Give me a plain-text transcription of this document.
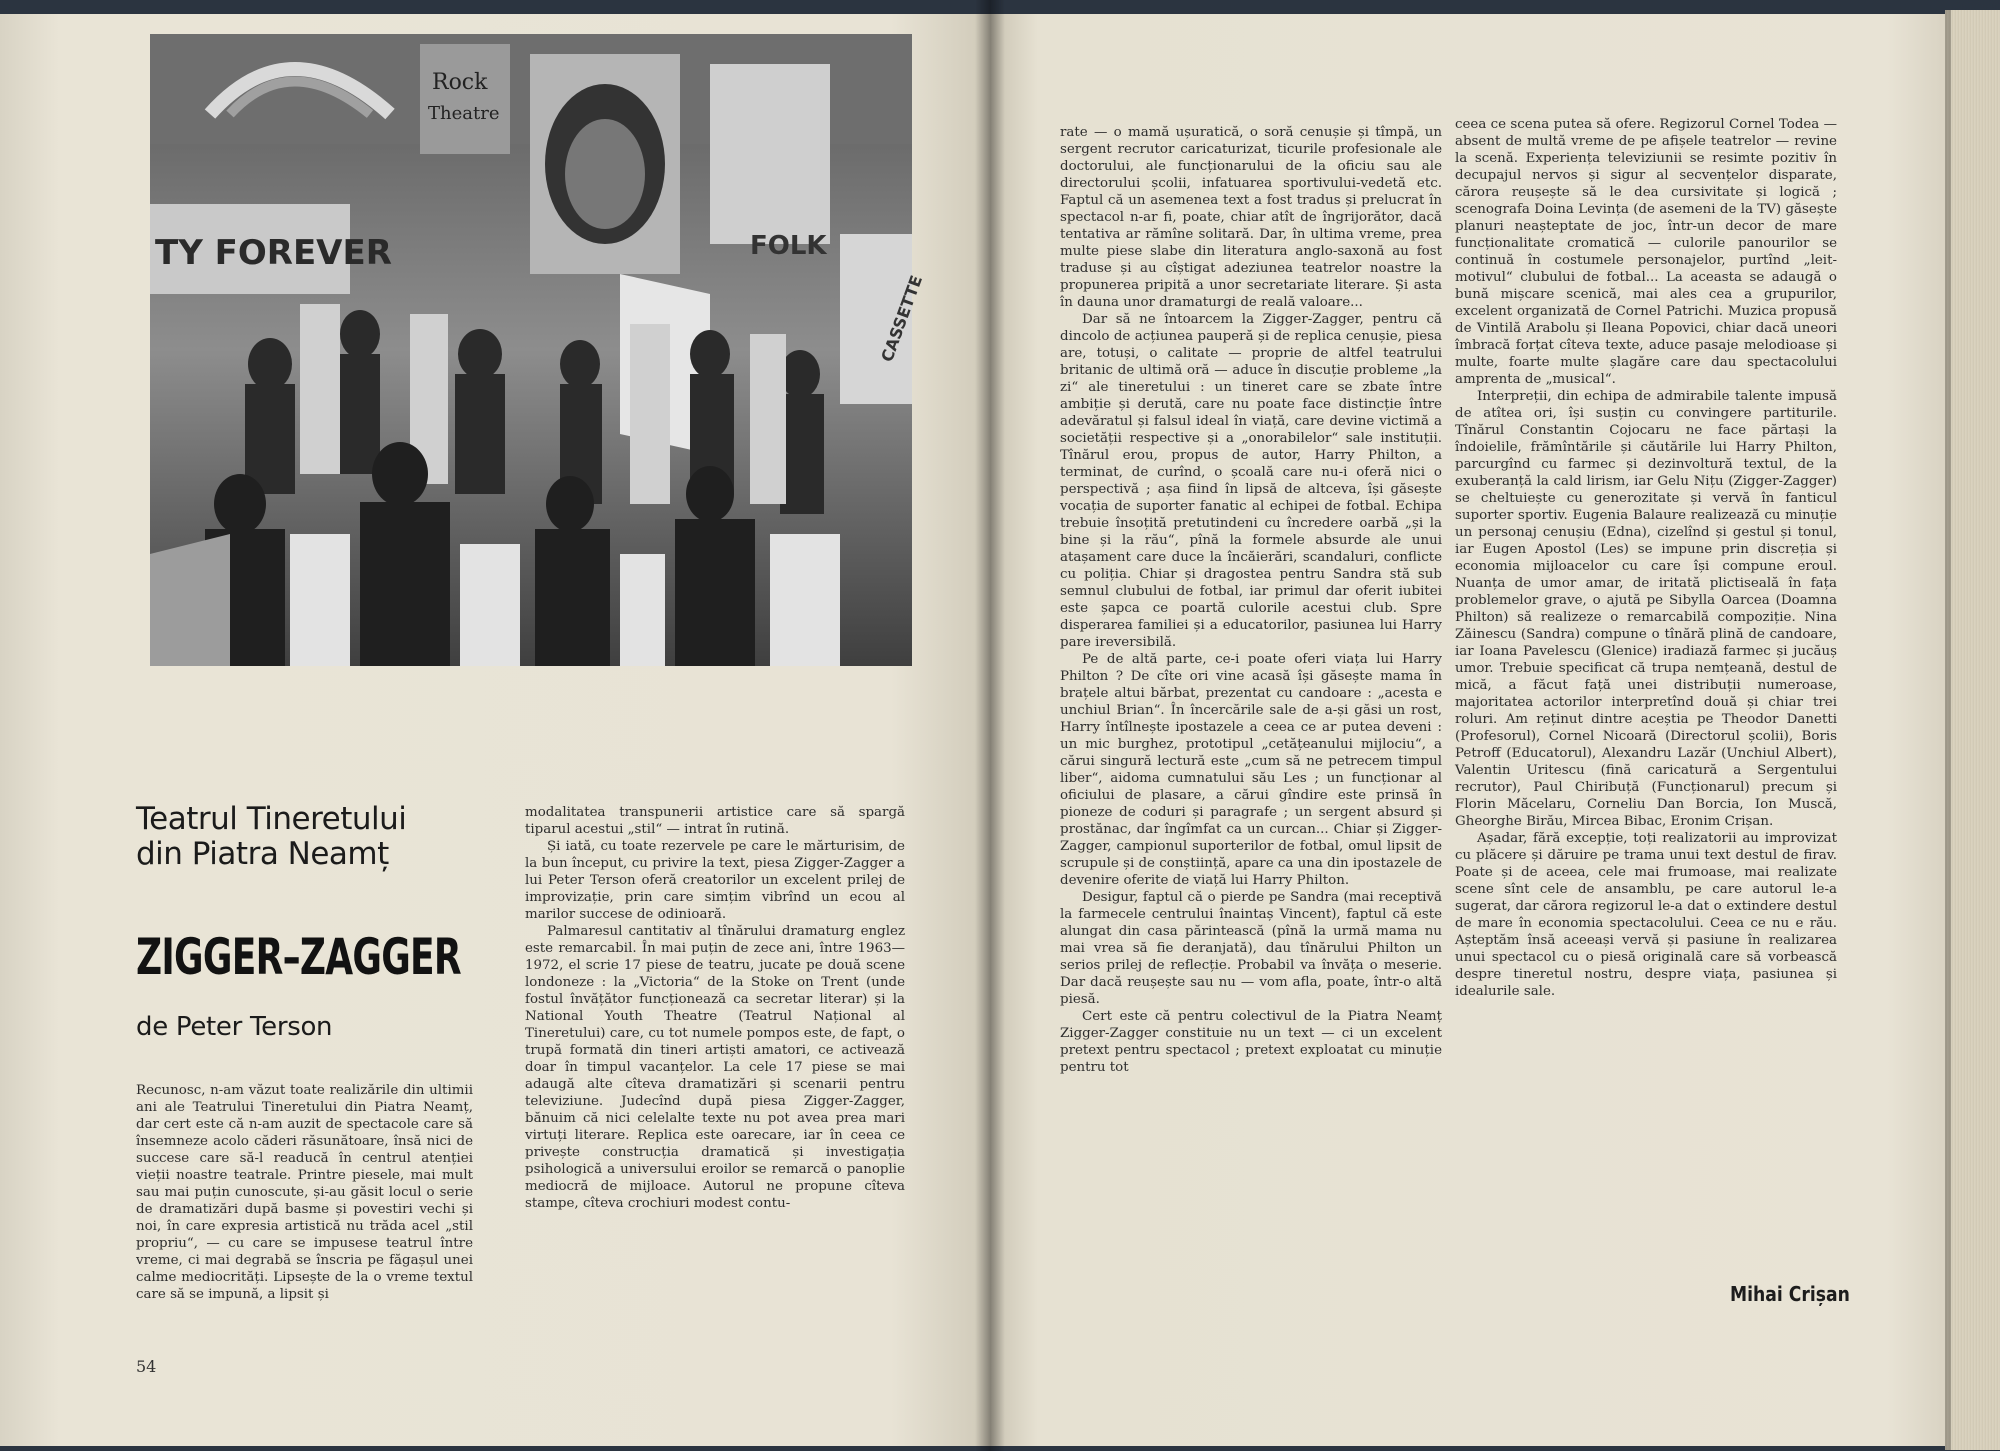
Rock
Theatre
FOLK
TY FOREVER
CASSETTE
Teatrul Tineretului din Piatra Neamț
ZIGGER–ZAGGER
de Peter Terson

Recunosc, n-am văzut toate realizările din ultimii ani ale Teatrului Tineretului din Piatra Neamț, dar cert este că n-am auzit de spectacole care să însemneze acolo căderi răsunătoare, însă nici de succese care să-l readucă în centrul atenției vieții noastre teatrale. Printre piesele, mai mult sau mai puțin cunoscute, și-au găsit locul o serie de dramatizări după basme și povestiri vechi și noi, în care expresia artistică nu trăda acel „stil propriu“, — cu care se impusese teatrul între vreme, ci mai degrabă se înscria pe făgașul unei calme mediocrități. Lipsește de la o vreme textul care să se impună, a lipsit și

modalitatea transpunerii artistice care să spargă tiparul acestui „stil“ — intrat în rutină.

Și iată, cu toate rezervele pe care le mărturisim, de la bun început, cu privire la text, piesa Zigger-Zagger a lui Peter Terson oferă creatorilor un excelent prilej de improvizație, prin care simțim vibrînd un ecou al marilor succese de odinioară.

Palmaresul cantitativ al tînărului dramaturg englez este remarcabil. În mai puțin de zece ani, între 1963—1972, el scrie 17 piese de teatru, jucate pe două scene londoneze : la „Victoria“ de la Stoke on Trent (unde fostul învățător funcționează ca secretar literar) și la National Youth Theatre (Teatrul Național al Tineretului) care, cu tot numele pompos este, de fapt, o trupă formată din tineri artiști amatori, ce activează doar în timpul vacanțelor. La cele 17 piese se mai adaugă alte cîteva dramatizări și scenarii pentru televiziune. Judecînd după piesa Zigger-Zagger, bănuim că nici celelalte texte nu pot avea prea mari virtuți literare. Replica este oarecare, iar în ceea ce privește construcția dramatică și investigația psihologică a universului eroilor se remarcă o panoplie mediocră de mijloace. Autorul ne propune cîteva stampe, cîteva crochiuri modest contu-

54

rate — o mamă ușuratică, o soră cenușie și tîmpă, un sergent recrutor caricaturizat, ticurile profesionale ale doctorului, ale funcționarului de la oficiu sau ale directorului școlii, infatuarea sportivului-vedetă etc. Faptul că un asemenea text a fost tradus și prelucrat în spectacol n-ar fi, poate, chiar atît de îngrijorător, dacă tentativa ar rămîne solitară. Dar, în ultima vreme, prea multe piese slabe din literatura anglo-saxonă au fost traduse și au cîștigat adeziunea teatrelor noastre la propunerea pripită a unor secretariate literare. Și asta în dauna unor dramaturgi de reală valoare...

Dar să ne întoarcem la Zigger-Zagger, pentru că dincolo de acțiunea pauperă și de replica cenușie, piesa are, totuși, o calitate — proprie de altfel teatrului britanic de ultimă oră — aduce în discuție probleme „la zi“ ale tineretului : un tineret care se zbate între ambiție și derută, care nu poate face distincție între adevăratul și falsul ideal în viață, care devine victimă a societății respective și a „onorabilelor“ sale instituții. Tînărul erou, propus de autor, Harry Philton, a terminat, de curînd, o școală care nu-i oferă nici o perspectivă ; așa fiind în lipsă de altceva, își găsește vocația de suporter fanatic al echipei de fotbal. Echipa trebuie însoțită pretutindeni cu încredere oarbă „și la bine și la rău“, pînă la formele absurde ale unui atașament care duce la încăierări, scandaluri, conflicte cu poliția. Chiar și dragostea pentru Sandra stă sub semnul clubului de fotbal, iar primul dar oferit iubitei este șapca ce poartă culorile acestui club. Spre disperarea familiei și a educatorilor, pasiunea lui Harry pare ireversibilă.

Pe de altă parte, ce-i poate oferi viața lui Harry Philton ? De cîte ori vine acasă își găsește mama în brațele altui bărbat, prezentat cu candoare : „acesta e unchiul Brian“. În încercările sale de a-și găsi un rost, Harry întîlnește ipostazele a ceea ce ar putea deveni : un mic burghez, prototipul „cetățeanului mijlociu“, a cărui singură lectură este „cum să ne petrecem timpul liber“, aidoma cumnatului său Les ; un funcționar al oficiului de plasare, a cărui gîndire este prinsă în pioneze de coduri și paragrafe ; un sergent absurd și prostănac, dar îngîmfat ca un curcan... Chiar și Zigger-Zagger, campionul suporterilor de fotbal, omul lipsit de scrupule și de conștiință, apare ca una din ipostazele de devenire oferite de viață lui Harry Philton.

Desigur, faptul că o pierde pe Sandra (mai receptivă la farmecele centrului înaintaș Vincent), faptul că este alungat din casa părintească (pînă la urmă mama nu mai vrea să fie deranjată), dau tînărului Philton un serios prilej de reflecție. Probabil va învăța o meserie. Dar dacă reușește sau nu — vom afla, poate, într-o altă piesă.

Cert este că pentru colectivul de la Piatra Neamț Zigger-Zagger constituie nu un text — ci un excelent pretext pentru spectacol ; pretext exploatat cu minuție pentru tot

ceea ce scena putea să ofere. Regizorul Cornel Todea — absent de multă vreme de pe afișele teatrelor — revine la scenă. Experiența televiziunii se resimte pozitiv în decupajul nervos și sigur al secvențelor disparate, cărora reușește să le dea cursivitate și logică ; scenografa Doina Levința (de asemeni de la TV) găsește planuri neașteptate de joc, într-un decor de mare funcționalitate cromatică — culorile panourilor se continuă în costumele personajelor, purtînd „leit-motivul“ clubului de fotbal... La aceasta se adaugă o bună mișcare scenică, mai ales cea a grupurilor, excelent organizată de Cornel Patrichi. Muzica propusă de Vintilă Arabolu și Ileana Popovici, chiar dacă uneori îmbracă forțat cîteva texte, aduce pasaje melodioase și multe, foarte multe șlagăre care dau spectacolului amprenta de „musical“.

Interpreții, din echipa de admirabile talente impusă de atîtea ori, își susțin cu convingere partiturile. Tînărul Constantin Cojocaru ne face părtași la îndoielile, frămîntările și căutările lui Harry Philton, parcurgînd cu farmec și dezinvoltură textul, de la exuberanță la cald lirism, iar Gelu Nițu (Zigger-Zagger) se cheltuiește cu generozitate și vervă în fanticul suporter sportiv. Eugenia Balaure realizează cu minuție un personaj cenușiu (Edna), cizelînd și gestul și tonul, iar Eugen Apostol (Les) se impune prin discreția și economia mijloacelor cu care își compune eroul. Nuanța de umor amar, de iritată plictiseală în fața problemelor grave, o ajută pe Sibylla Oarcea (Doamna Philton) să realizeze o remarcabilă compoziție. Nina Zăinescu (Sandra) compune o tînără plină de candoare, iar Ioana Pavelescu (Glenice) iradiază farmec și jucăuș umor. Trebuie specificat că trupa nemțeană, destul de mică, a făcut față unei distribuții numeroase, majoritatea actorilor interpretînd două și chiar trei roluri. Am reținut dintre aceștia pe Theodor Danetti (Profesorul), Cornel Nicoară (Directorul școlii), Boris Petroff (Educatorul), Alexandru Lazăr (Unchiul Albert), Valentin Uritescu (fină caricatură a Sergentului recrutor), Paul Chiribuță (Funcționarul) precum și Florin Măcelaru, Corneliu Dan Borcia, Ion Muscă, Gheorghe Birău, Mircea Bibac, Eronim Crișan.

Așadar, fără excepție, toți realizatorii au improvizat cu plăcere și dăruire pe trama unui text destul de firav. Poate și de aceea, cele mai frumoase, mai realizate scene sînt cele de ansamblu, pe care autorul le-a sugerat, dar cărora regizorul le-a dat o extindere destul de mare în economia spectacolului. Ceea ce nu e rău. Așteptăm însă aceeași vervă și pasiune în realizarea unui spectacol cu o piesă originală care să vorbească despre tineretul nostru, despre viața, pasiunea și idealurile sale.

Mihai Crișan
